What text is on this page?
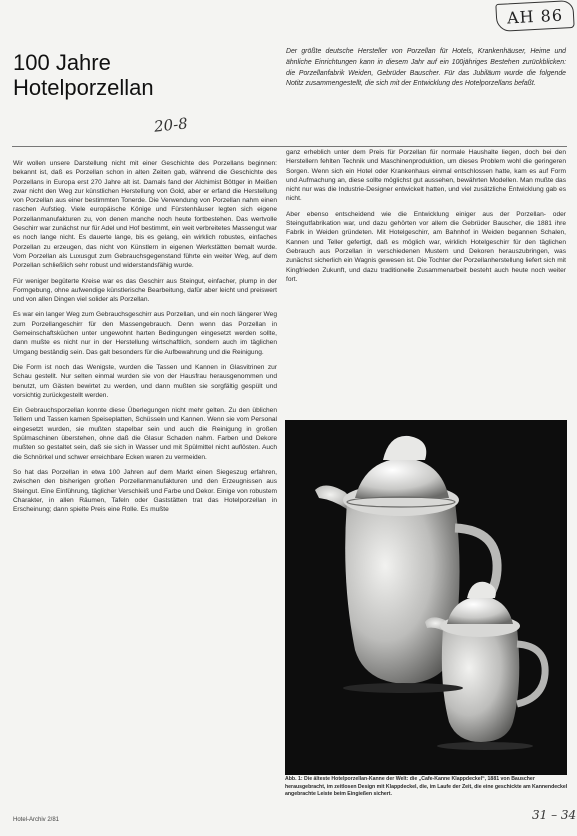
AH 86
100 Jahre
Hotelporzellan
20-8

Der größte deutsche Hersteller von Porzellan für Hotels, Krankenhäuser, Heime und ähnliche Einrichtungen kann in diesem Jahr auf ein 100jähriges Bestehen zurückblicken: die Porzellanfabrik Weiden, Gebrüder Bauscher. Für das Jubiläum wurde die folgende Notitz zusammengestellt, die sich mit der Entwicklung des Hotelporzellans befaßt.

Wir wollen unsere Darstellung nicht mit einer Geschichte des Porzellans beginnen: bekannt ist, daß es Porzellan schon in alten Zeiten gab, während die Geschichte des Porzellans in Europa erst 270 Jahre alt ist. Damals fand der Alchimist Böttger in Meißen zwar nicht den Weg zur künstlichen Herstellung von Gold, aber er erfand die Herstellung von Porzellan aus einer bestimmten Tonerde. Die Verwendung von Porzellan nahm einen raschen Aufstieg. Viele europäische Könige und Fürstenhäuser legten sich eigene Porzellanmanufakturen zu, von denen manche noch heute fortbestehen. Das wertvolle Geschirr war zunächst nur für Adel und Hof bestimmt, ein weit verbreitetes Massengut war es noch lange nicht. Es dauerte lange, bis es gelang, ein wirklich robustes, einfaches Porzellan zu erzeugen, das nicht von Künstlern in eigenen Werkstätten bemalt wurde. Vom Porzellan als Luxusgut zum Gebrauchsgegenstand führte ein weiter Weg, auf dem Porzellan schließlich sehr robust und widerstandsfähig wurde.

Für weniger begüterte Kreise war es das Geschirr aus Steingut, einfacher, plump in der Formgebung, ohne aufwendige künstlerische Bearbeitung, dafür aber leicht und preiswert und von allen Dingen viel solider als Porzellan.

Es war ein langer Weg zum Gebrauchsgeschirr aus Porzellan, und ein noch längerer Weg zum Porzellangeschirr für den Massengebrauch. Denn wenn das Porzellan in Gemeinschaftsküchen unter ungewohnt harten Bedingungen eingesetzt werden sollte, dann mußte es nicht nur in der Herstellung wirtschaftlich, sondern auch im täglichen Umgang beständig sein. Das galt besonders für die Aufbewahrung und die Reinigung.

Die Form ist noch das Wenigste, wurden die Tassen und Kannen in Glasvitrinen zur Schau gestellt. Nur selten einmal wurden sie von der Hausfrau herausgenommen und benutzt, um Gästen bewirtet zu werden, und dann mußten sie sorgfältig gespült und vorsichtig zurückgestellt werden.

Ein Gebrauchsporzellan konnte diese Überlegungen nicht mehr gelten. Zu den üblichen Tellern und Tassen kamen Speiseplatten, Schüsseln und Kannen. Wenn sie vom Personal eingesetzt wurden, sie mußten stapelbar sein und auch die Reinigung in großen Spülmaschinen überstehen, ohne daß die Glasur Schaden nahm. Farben und Dekore mußten so gestaltet sein, daß sie sich in Wasser und mit Spülmittel nicht auflösten. Auch die Schnörkel und schwer erreichbare Ecken waren zu vermeiden.

So hat das Porzellan in etwa 100 Jahren auf dem Markt einen Siegeszug erfahren, zwischen den bisherigen großen Porzellanmanufakturen und den Erzeugnissen aus Steingut. Eine Einführung, täglicher Verschleiß und Farbe und Dekor. Einige von robustem Charakter, in allen Räumen, Tafeln oder Gaststätten trat das Hotelporzellan in Erscheinung; dann spielte Preis eine Rolle. Es mußte

ganz erheblich unter dem Preis für Porzellan für normale Haushalte liegen, doch bei den Herstellern fehlten Technik und Maschinenproduktion, um dieses Problem wohl die geringeren Sorgen. Wenn sich ein Hotel oder Krankenhaus einmal entschlossen hatte, kam es auf Form und Aufmachung an, diese sollte möglichst gut aussehen, bewährten Modellen. Man mußte das nicht nur was die Industrie-Designer entwickelt hatten, und viel zusätzliche Entwicklung gab es nicht.

Aber ebenso entscheidend wie die Entwicklung einiger aus der Porzellan- oder Steingutfabrikation war, und dazu gehörten vor allem die Gebrüder Bauscher, die 1881 ihre Fabrik in Weiden gründeten. Mit Hotelgeschirr, am Bahnhof in Weiden begannen Schalen, Kannen und Teller gefertigt, daß es möglich war, wirklich Hotelgeschirr für den täglichen Gebrauch aus Porzellan in verschiedenen Mustern und Dekoren herauszubringen, was zunächst sicherlich ein Wagnis gewesen ist. Die Tochter der Porzellanherstellung liefert sich mit Kingfrieden Zukunft, und dazu traditionelle Zusammenarbeit besteht auch heute noch weiter fort.

Abb. 1: Die älteste Hotelporzellan-Kanne der Welt: die „Cafe-Kanne Klappdeckel“, 1881 von Bauscher herausgebracht, im zeitlosen Design mit Klappdeckel, die, im Laufe der Zeit, die eine geschickte am Kannendeckel angebrachte Leiste beim Eingießen sichert.

Hotel-Archiv 2/81	31 – 34
